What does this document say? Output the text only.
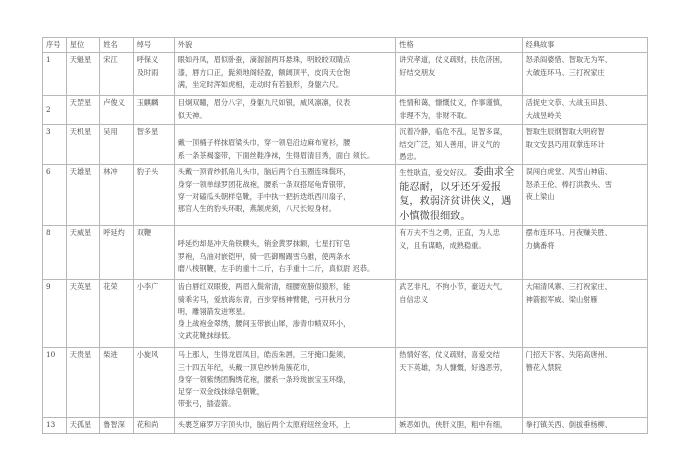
序号	星位	姓名	绰号	外貌	性格	经典故事
1	天魁星	宋江	呼保义
及时雨	眼如丹凤，眉似卧蚕，滴溜溜两耳悬珠，明皎皎双睛点
漆，唇方口正，髭须地阁轻盈，额阔顶平，皮肉天仓饱
满，坐定时浑如虎相，走动时有若狼形，身躯六尺。	讲究孝道，仗义疏财，扶危济困，
好结交朋友	怒杀阎婆惜、智取无为军、
大破连环马、三打祝家庄

2	天罡星	卢俊义	玉麒麟	目炯双瞳，眉分八字，身躯九尺如银，威风凛凛，仪表
似天神。	性情和蔼，慷慨仗义，作事谨慎，
非理不为，非财不取。	活捉史文恭、大战玉田县、
大战昱岭关

3	天机星	吴用	智多星	戴一顶桶子样抹眉梁头巾，穿一领皂沿边麻布宽衫，腰
系一条茶褐銮带，下面丝鞋净袜，生得眉清目秀，面白 须长。	沉着冷静，临危不乱，足智多谋，
结交广泛，知人善用，讲义气的
愚忠。	智取生辰纲智取大明府智
取文安县巧用双掌连环计

6	天雄星	林冲	豹子头	头戴一顶青纱抓角儿头巾，脑后两个白玉圈连珠鬓环，
身穿一领单绿罗团花战袍，腰系一条双搭尾龟背银带，
穿一对磕瓜头朝样皂靴，手中执一把折迭纸西川扇子，
那官人生的豹头环眼，燕颔虎须，八尺长短身材。	生性耿直，爱交好汉。 委曲求全能忍耐，以牙还牙爱报复，救弱济贫讲侠义，遇小慎微很细致。	误闯白虎堂、风雪山神庙、
怒杀王伦、棒打洪教头、雪
夜上梁山

8	天威星	呼延灼	双鞭	呼延灼却是冲天角铁幞头，销金黄罗抹额，七星打钉皂
罗袍，乌油对嵌铠甲，骑一匹御赐踢雪乌骓，使两条水
磨八棱钢鞭，左手的重十二斤，右手重十二斤，真似尉 迟恭。	有万夫不当之勇，正直，为人忠
义，且有谋略，成熟稳重。	摆布连环马、月夜赚关胜、
力擒番将

9	天英星	花荣	小李广	齿白唇红双眼俊，两眉入鬓常清，细腰宽膀似猿形，能
骑乖劣马，爱放海东青，百步穿杨神臂健，弓开秋月分
明，雕翎箭发迸寒星。
身上战袍金翠绣，腰间玉带嵌山犀，渗青巾帻双环小，
文武花靴抹绿低。	武艺非凡，不拘小节，豪迈大气，
自信忠义	大闹清风寨、三打祝家庄、
神箭振军威、梁山射雁

10	天贵星	柴进	小旋风	马上那人，生得龙眉凤目，皓齿朱唇，三牙掩口髭须，
三十四五年纪，头戴一顶皂纱转角簇花巾，
身穿一领紫绣团胸绣花袍，腰系一条玲珑嵌宝玉环绦，
足穿一双金线抹绿皂朝靴，
带张弓，插壶箭。	热情好客，仗义疏财，喜爱交结
天下英雄，为人慷慨，好逸恶劳，	门招天下客、失陷高唐州、
簪花入禁院

13	天孤星	鲁智深	花和尚	头裹芝麻罗万字顶头巾，脑后两个太原府纽丝金环，上	嫉恶如仇，侠肝义胆，粗中有细，	拳打镇关西、倒拔垂杨柳、
